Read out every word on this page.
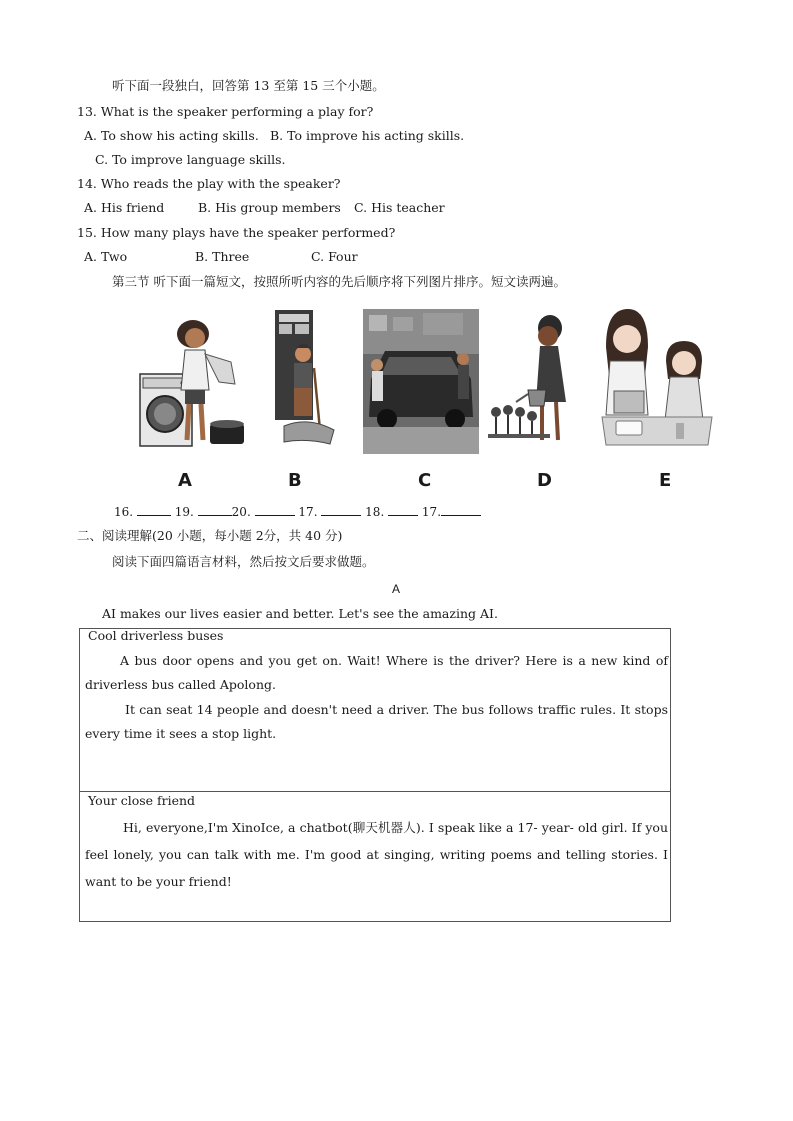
听下面一段独白，回答第 13 至第 15 三个小题。
13. What is the speaker performing a play for?
A. To show his acting skills. B. To improve his acting skills.
C. To improve language skills.
14. Who reads the play with the speaker?
A. His friend	B. His group members C. His teacher
15. How many plays have the speaker performed?
A. Two	B. Three	C. Four
第三节 听下面一篇短文，按照所听内容的先后顺序将下列图片排序。短文读两遍。
A	B	C	D	E
16.	19.	20.	17.	18.	17.
二、阅读理解(20 小题，每小题 2分，共 40 分)
阅读下面四篇语言材料，然后按文后要求做题。
A
AI makes our lives easier and better. Let's see the amazing AI.
Cool driverless buses
A bus door opens and you get on. Wait! Where is the driver? Here is a new kind of driverless bus called Apolong.
It can seat 14 people and doesn't need a driver. The bus follows traffic rules. It stops every time it sees a stop light.
Your close friend
Hi, everyone,I'm XinoIce, a chatbot(聊天机器人). I speak like a 17- year- old girl. If you feel lonely, you can talk with me. I'm good at singing, writing poems and telling stories. I want to be your friend!
